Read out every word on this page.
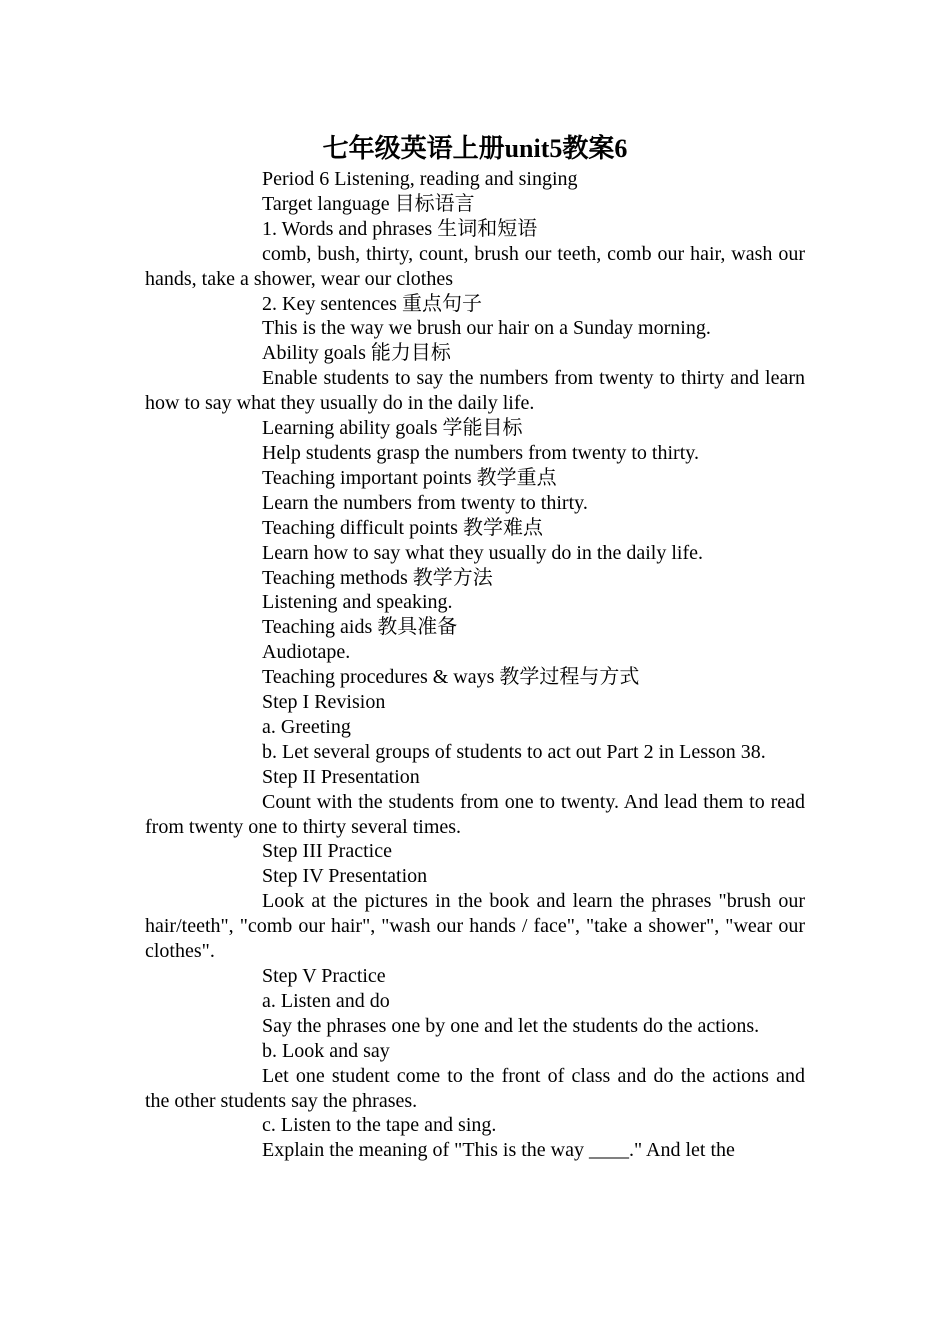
七年级英语上册unit5教案6

Period 6 Listening, reading and singing

Target language 目标语言

1. Words and phrases 生词和短语

comb, bush, thirty, count, brush our teeth, comb our hair, wash our hands, take a shower, wear our clothes

2. Key sentences 重点句子

This is the way we brush our hair on a Sunday morning.

Ability goals 能力目标

Enable students to say the numbers from twenty to thirty and learn how to say what they usually do in the daily life.

Learning ability goals 学能目标

Help students grasp the numbers from twenty to thirty.

Teaching important points 教学重点

Learn the numbers from twenty to thirty.

Teaching difficult points 教学难点

Learn how to say what they usually do in the daily life.

Teaching methods 教学方法

Listening and speaking.

Teaching aids 教具准备

Audiotape.

Teaching procedures & ways 教学过程与方式

Step I Revision

a. Greeting

b. Let several groups of students to act out Part 2 in Lesson 38.

Step II Presentation

Count with the students from one to twenty. And lead them to read from twenty one to thirty several times.

Step III Practice

Step IV Presentation

Look at the pictures in the book and learn the phrases "brush our hair/teeth", "comb our hair", "wash our hands / face", "take a shower", "wear our clothes".

Step V Practice

a. Listen and do

Say the phrases one by one and let the students do the actions.

b. Look and say

Let one student come to the front of class and do the actions and the other students say the phrases.

c. Listen to the tape and sing.

Explain the meaning of "This is the way ____." And let the
